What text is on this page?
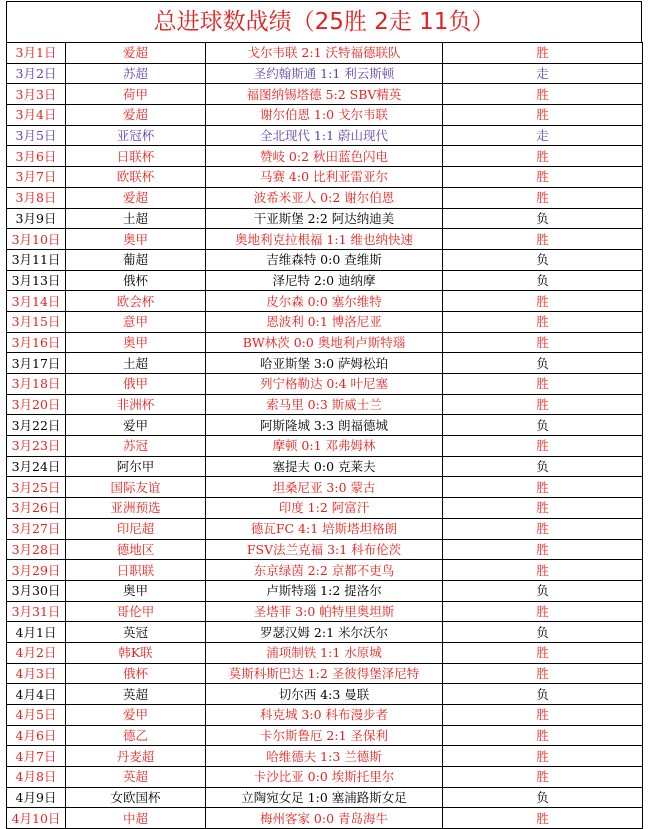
总进球数战绩（25胜 2走 11负）
3月1日	爱超	戈尔韦联 2:1 沃特福德联队	胜
3月2日	苏超	圣约翰斯通 1:1 利云斯顿	走
3月3日	荷甲	福图纳锡塔德 5:2 SBV精英	胜
3月4日	爱超	谢尔伯恩 1:0 戈尔韦联	胜
3月5日	亚冠杯	全北现代 1:1 蔚山现代	走
3月6日	日联杯	赞岐 0:2 秋田蓝色闪电	胜
3月7日	欧联杯	马赛 4:0 比利亚雷亚尔	胜
3月8日	爱超	波希米亚人 0:2 谢尔伯恩	胜
3月9日	土超	干亚斯堡 2:2 阿达纳迪美	负
3月10日	奥甲	奥地利克拉根福 1:1 维也纳快速	胜
3月11日	葡超	吉维森特 0:0 查维斯	负
3月13日	俄杯	泽尼特 2:0 迪纳摩	负
3月14日	欧会杯	皮尔森 0:0 塞尔维特	胜
3月15日	意甲	恩波利 0:1 博洛尼亚	胜
3月16日	奥甲	BW林茨 0:0 奥地利卢斯特瑙	胜
3月17日	土超	哈亚斯堡 3:0 萨姆松珀	负
3月18日	俄甲	列宁格勒达 0:4 叶尼塞	胜
3月20日	非洲杯	索马里 0:3 斯威士兰	胜
3月22日	爱甲	阿斯隆城 3:3 朗福德城	负
3月23日	苏冠	摩顿 0:1 邓弗姆林	胜
3月24日	阿尔甲	塞提夫 0:0 克莱夫	负
3月25日	国际友谊	坦桑尼亚 3:0 蒙古	胜
3月26日	亚洲预选	印度 1:2 阿富汗	胜
3月27日	印尼超	德瓦FC 4:1 培斯塔坦格朗	胜
3月28日	德地区	FSV法兰克福 3:1 科布伦茨	胜
3月29日	日职联	东京绿茵 2:2 京都不吏鸟	胜
3月30日	奥甲	卢斯特瑙 1:2 提洛尔	负
3月31日	哥伦甲	圣塔菲 3:0 帕特里奥坦斯	胜
4月1日	英冠	罗瑟汉姆 2:1 米尔沃尔	负
4月2日	韩K联	浦项制铁 1:1 水原城	胜
4月3日	俄杯	莫斯科斯巴达 1:2 圣彼得堡泽尼特	胜
4月4日	英超	切尔西 4:3 曼联	负
4月5日	爱甲	科克城 3:0 科布漫步者	胜
4月6日	德乙	卡尔斯鲁厄 2:1 圣保利	胜
4月7日	丹麦超	哈维德夫 1:3 兰德斯	胜
4月8日	英超	卡沙比亚 0:0 埃斯托里尔	胜
4月9日	女欧国杯	立陶宛女足 1:0 塞浦路斯女足	负
4月10日	中超	梅州客家 0:0 青岛海牛	胜
